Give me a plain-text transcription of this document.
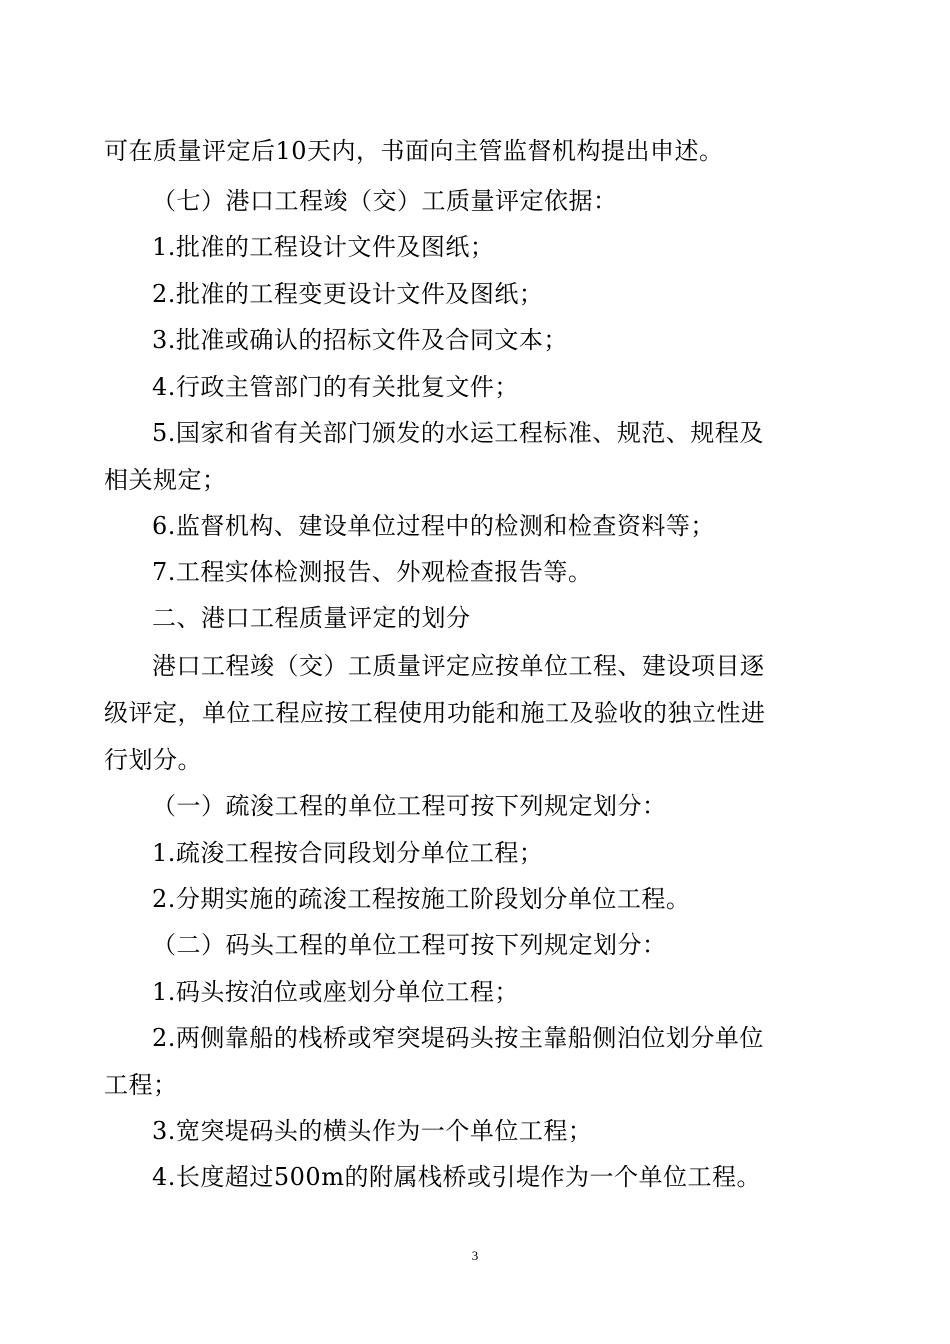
可在质量评定后10天内，书面向主管监督机构提出申述。
（七）港口工程竣（交）工质量评定依据：
1.批准的工程设计文件及图纸；
2.批准的工程变更设计文件及图纸；
3.批准或确认的招标文件及合同文本；
4.行政主管部门的有关批复文件；
5.国家和省有关部门颁发的水运工程标准、规范、规程及
相关规定；
6.监督机构、建设单位过程中的检测和检查资料等；
7.工程实体检测报告、外观检查报告等。
二、港口工程质量评定的划分
港口工程竣（交）工质量评定应按单位工程、建设项目逐
级评定，单位工程应按工程使用功能和施工及验收的独立性进
行划分。
（一）疏浚工程的单位工程可按下列规定划分：
1.疏浚工程按合同段划分单位工程；
2.分期实施的疏浚工程按施工阶段划分单位工程。
（二）码头工程的单位工程可按下列规定划分：
1.码头按泊位或座划分单位工程；
2.两侧靠船的栈桥或窄突堤码头按主靠船侧泊位划分单位
工程；
3.宽突堤码头的横头作为一个单位工程；
4.长度超过500m的附属栈桥或引堤作为一个单位工程。
3
